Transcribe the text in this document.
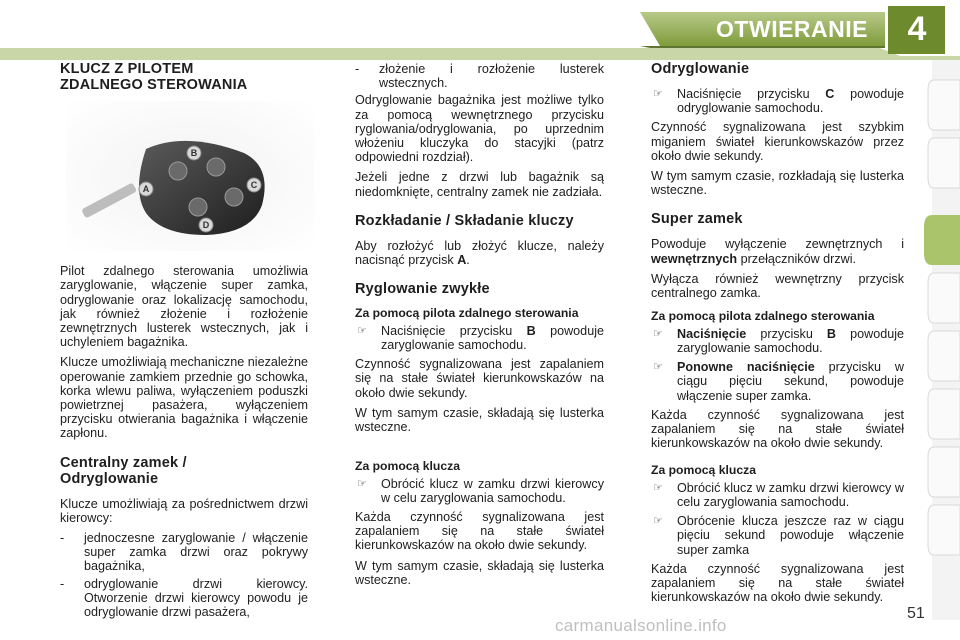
OTWIERANIE	4
KLUCZ Z PILOTEM
ZDALNEGO STEROWANIA
A
B
C
D

Pilot zdalnego sterowania umożliwia zaryglowanie, włączenie super zamka, odryglowanie oraz lokalizację samochodu, jak również złożenie i rozłożenie zewnętrznych lusterek wstecznych, jak i uchyleniem bagażnika.

Klucze umożliwiają mechaniczne niezależne operowanie zamkiem przednie go schowka, korka wlewu paliwa, wyłączeniem poduszki powietrznej pasażera, wyłączeniem przycisku otwierania bagażnika i włączenie zapłonu.

Centralny zamek /
Odryglowanie

Klucze umożliwiają za pośrednictwem drzwi kierowcy:

-	jednoczesne zaryglowanie / włączenie super zamka drzwi oraz pokrywy bagażnika,
-	odryglowanie drzwi kierowcy. Otworzenie drzwi kierowcy powodu je odryglowanie drzwi pasażera,
-	złożenie i rozłożenie lusterek wstecznych.

Odryglowanie bagażnika jest możliwe tylko za pomocą wewnętrznego przycisku ryglowania/odryglowania, po uprzednim włożeniu kluczyka do stacyjki (patrz odpowiedni rozdział).

Jeżeli jedne z drzwi lub bagażnik są niedomknięte, centralny zamek nie zadziała.

Rozkładanie / Składanie kluczy

Aby rozłożyć lub złożyć klucze, należy nacisnąć przycisk A.

Ryglowanie zwykłe
Za pomocą pilota zdalnego sterowania
☞	Naciśnięcie przycisku B powoduje zaryglowanie samochodu.

Czynność sygnalizowana jest zapalaniem się na stałe świateł kierunkowskazów na około dwie sekundy.

W tym samym czasie, składają się lusterka wsteczne.

Za pomocą klucza
☞	Obrócić klucz w zamku drzwi kierowcy w celu zaryglowania samochodu.

Każda czynność sygnalizowana jest zapalaniem się na stałe świateł kierunkowskazów na około dwie sekundy.

W tym samym czasie, składają się lusterka wsteczne.

Odryglowanie
☞	Naciśnięcie przycisku C powoduje odryglowanie samochodu.

Czynność sygnalizowana jest szybkim miganiem świateł kierunkowskazów przez około dwie sekundy.

W tym samym czasie, rozkładają się lusterka wsteczne.

Super zamek

Powoduje wyłączenie zewnętrznych i wewnętrznych przełączników drzwi.

Wyłącza również wewnętrzny przycisk centralnego zamka.

Za pomocą pilota zdalnego sterowania
☞	Naciśnięcie przycisku B powoduje zaryglowanie samochodu.
☞	Ponowne naciśnięcie przycisku w ciągu pięciu sekund, powoduje włączenie super zamka.

Każda czynność sygnalizowana jest zapalaniem się na stałe świateł kierunkowskazów na około dwie sekundy.

Za pomocą klucza
☞	Obrócić klucz w zamku drzwi kierowcy w celu zaryglowania samochodu.
☞	Obrócenie klucza jeszcze raz w ciągu pięciu sekund powoduje włączenie super zamka

Każda czynność sygnalizowana jest zapalaniem się na stałe świateł kierunkowskazów na około dwie sekundy.

51
carmanualsonline.info
